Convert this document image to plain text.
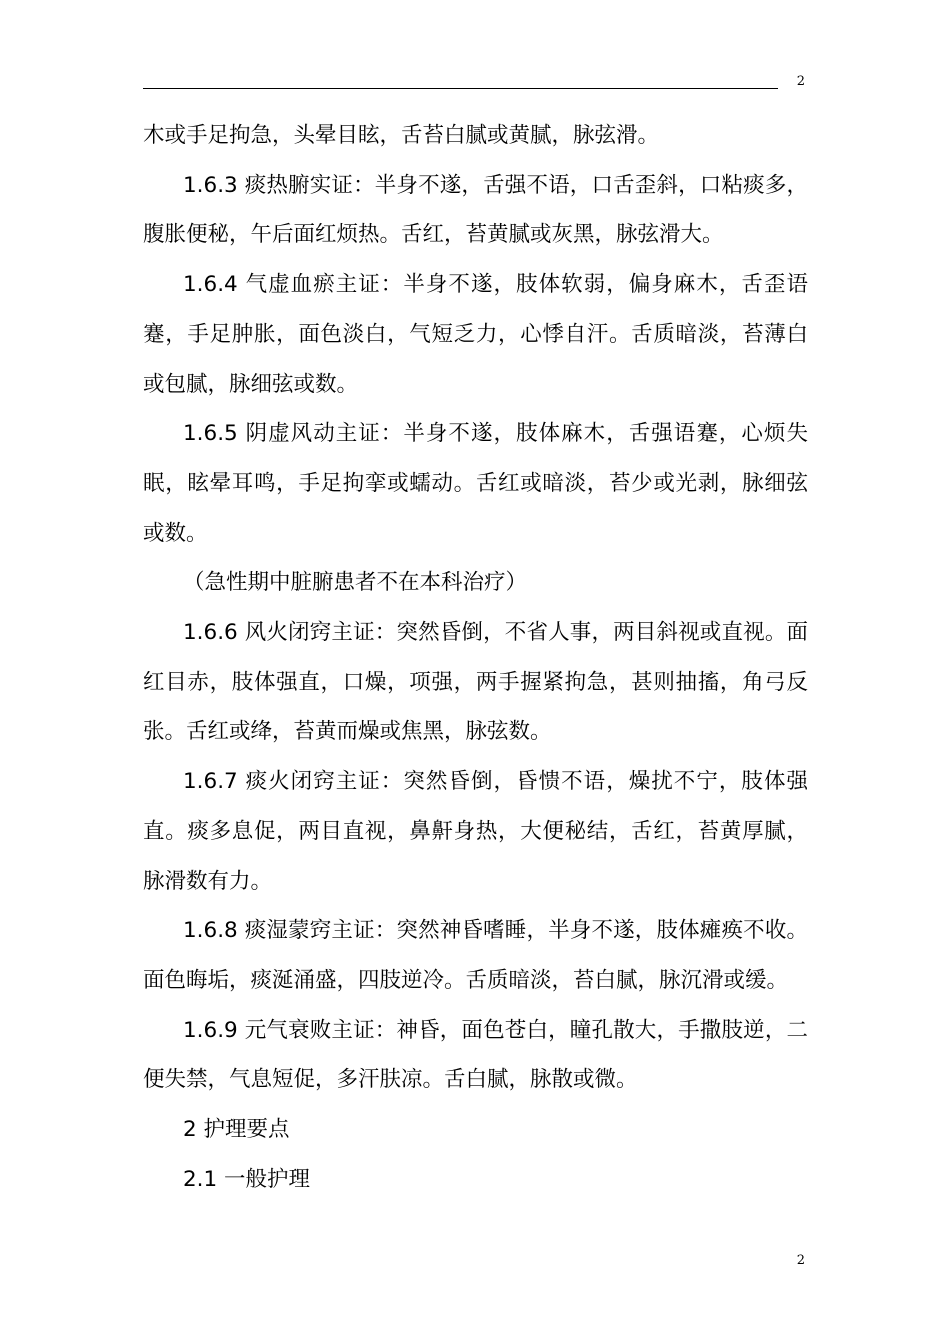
2

木或手足拘急，头晕目眩，舌苔白腻或黄腻，脉弦滑。

1.6.3 痰热腑实证：半身不遂，舌强不语，口舌歪斜，口粘痰多，腹胀便秘，午后面红烦热。舌红，苔黄腻或灰黑，脉弦滑大。

1.6.4 气虚血瘀主证：半身不遂，肢体软弱，偏身麻木，舌歪语蹇，手足肿胀，面色淡白，气短乏力，心悸自汗。舌质暗淡，苔薄白或包腻，脉细弦或数。

1.6.5 阴虚风动主证：半身不遂，肢体麻木，舌强语蹇，心烦失眠，眩晕耳鸣，手足拘挛或蠕动。舌红或暗淡，苔少或光剥，脉细弦或数。

（急性期中脏腑患者不在本科治疗）

1.6.6 风火闭窍主证：突然昏倒，不省人事，两目斜视或直视。面红目赤，肢体强直，口燥，项强，两手握紧拘急，甚则抽搐，角弓反张。舌红或绛，苔黄而燥或焦黑，脉弦数。

1.6.7 痰火闭窍主证：突然昏倒，昏愦不语，燥扰不宁，肢体强直。痰多息促，两目直视，鼻鼾身热，大便秘结，舌红，苔黄厚腻，脉滑数有力。

1.6.8 痰湿蒙窍主证：突然神昏嗜睡，半身不遂，肢体瘫痪不收。面色晦垢，痰涎涌盛，四肢逆冷。舌质暗淡，苔白腻，脉沉滑或缓。

1.6.9 元气衰败主证：神昏，面色苍白，瞳孔散大，手撒肢逆，二便失禁，气息短促，多汗肤凉。舌白腻，脉散或微。

2 护理要点

2.1 一般护理

2
